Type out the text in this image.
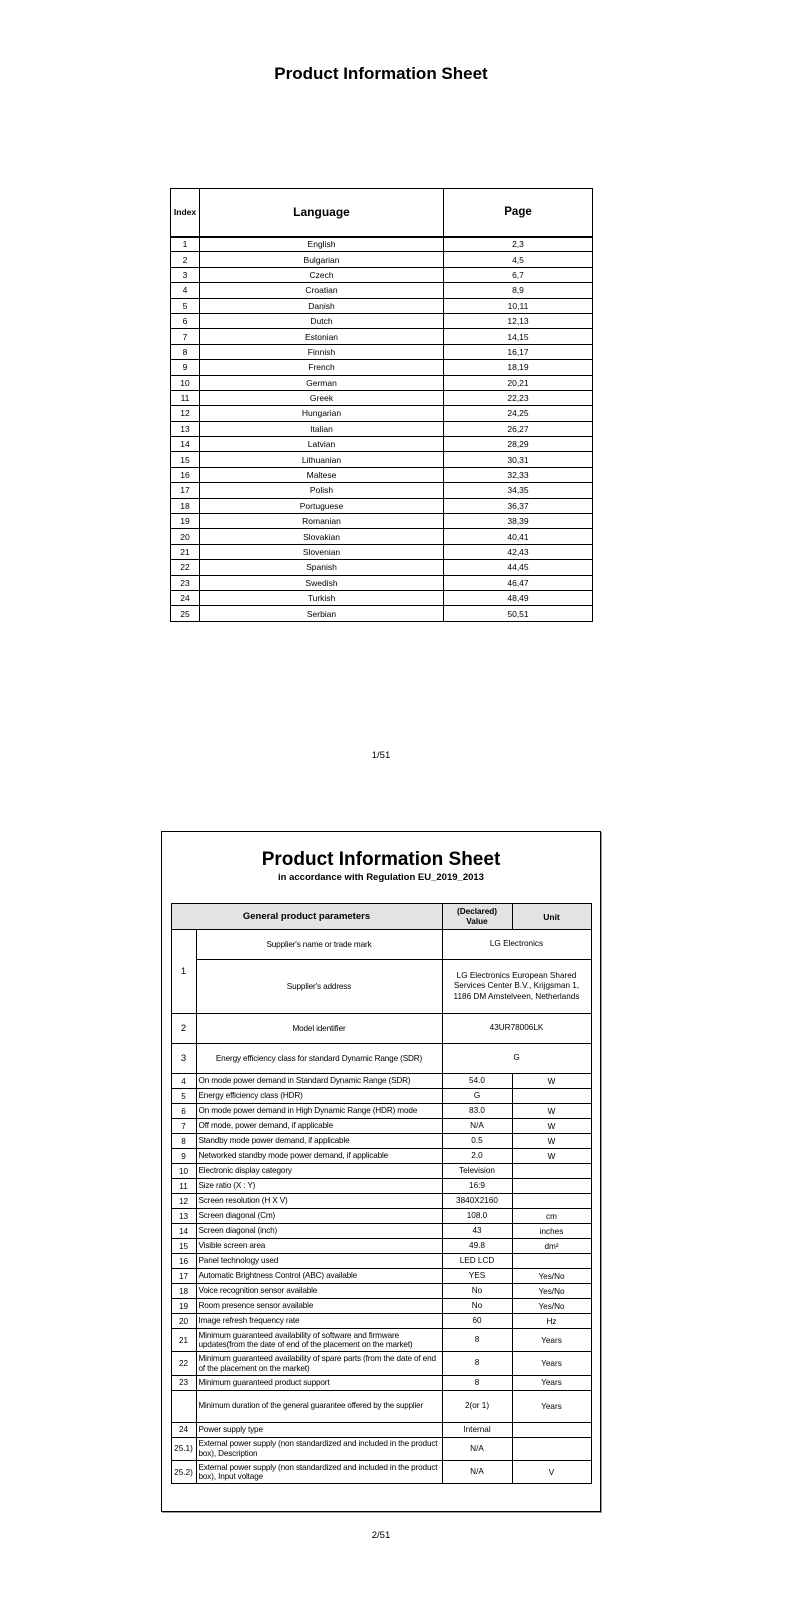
Product Information Sheet
Index	Language	Page
1	English	2,3
2	Bulgarian	4,5
3	Czech	6,7
4	Croatian	8,9
5	Danish	10,11
6	Dutch	12,13
7	Estonian	14,15
8	Finnish	16,17
9	French	18,19
10	German	20,21
11	Greek	22,23
12	Hungarian	24,25
13	Italian	26,27
14	Latvian	28,29
15	Lithuanian	30,31
16	Maltese	32,33
17	Polish	34,35
18	Portuguese	36,37
19	Romanian	38,39
20	Slovakian	40,41
21	Slovenian	42,43
22	Spanish	44,45
23	Swedish	46,47
24	Turkish	48,49
25	Serbian	50,51
1/51
Product Information Sheet
in accordance with Regulation EU_2019_2013
General product parameters		(Declared)
Value	Unit
1	Supplier's name or trade mark	LG Electronics	
	Supplier's address	LG Electronics European Shared Services Center B.V., Krijgsman 1, 1186 DM Amstelveen, Netherlands	
2	Model identifier	43UR78006LK	
3	Energy efficiency class for standard Dynamic Range (SDR)	G	
4	On mode power demand in Standard Dynamic Range (SDR)	54.0	W
5	Energy efficiency class (HDR)	G	
6	On mode power demand in High Dynamic Range (HDR) mode	83.0	W
7	Off mode, power demand, if applicable	N/A	W
8	Standby mode power demand, if applicable	0.5	W
9	Networked standby mode power demand, if applicable	2.0	W
10	Electronic display category	Television	
11	Size ratio (X : Y)	16:9	
12	Screen resolution (H X V)	3840X2160	
13	Screen diagonal (Cm)	108.0	cm
14	Screen diagonal (inch)	43	inches
15	Visible screen area	49.8	dm²
16	Panel technology used	LED LCD	
17	Automatic Brightness Control (ABC) available	YES	Yes/No
18	Voice recognition sensor available	No	Yes/No
19	Room presence sensor available	No	Yes/No
20	Image refresh frequency rate	60	Hz
21	Minimum guaranteed availability of software and firmware updates(from the date of end of the placement on the market)	8	Years
22	Minimum guaranteed availability of spare parts (from the date of end of the placement on the market)	8	Years
23	Minimum guaranteed product support	8	Years
	Minimum duration of the general guarantee offered by the supplier	2(or 1)	Years
24	Power supply type	Internal	
25.1)	External power supply (non standardized and included in the product box), Description	N/A	
25.2)	External power supply (non standardized and included in the product box), Input voltage	N/A	V
2/51
